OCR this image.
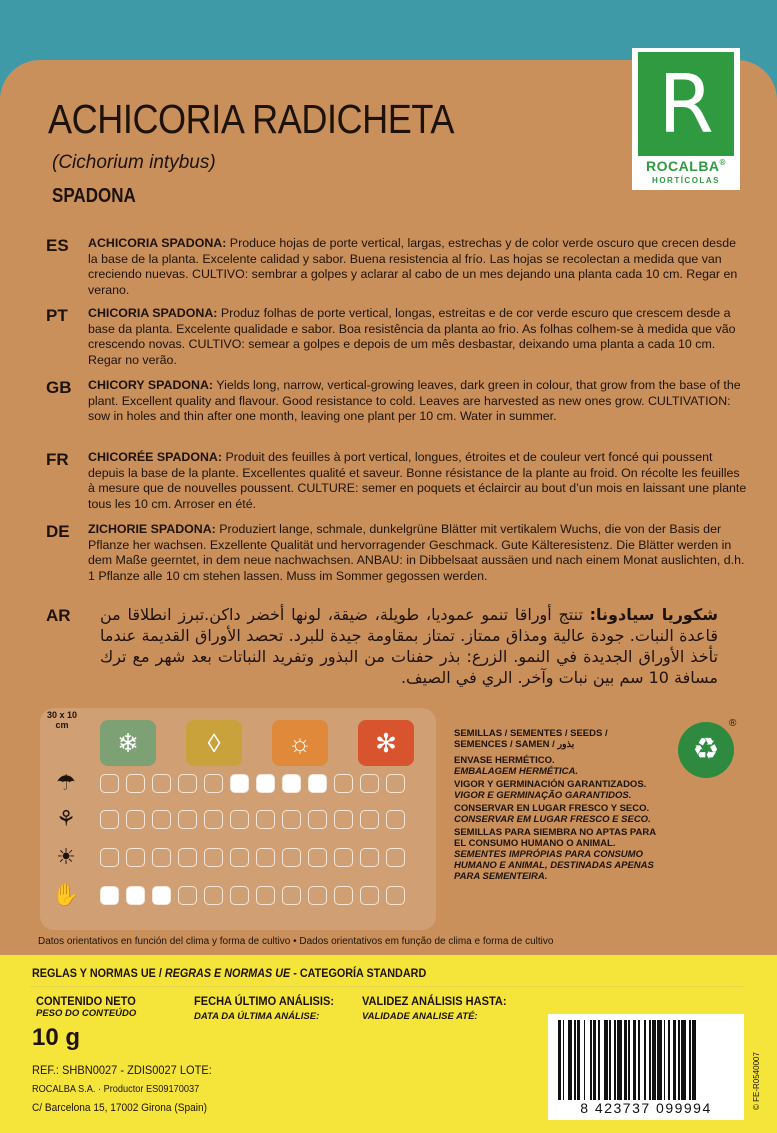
ACHICORIA RADICHETA
(Cichorium intybus)
SPADONA
R
ROCALBA®
HORTÍCOLAS
ES ACHICORIA SPADONA: Produce hojas de porte vertical, largas, estrechas y de color verde oscuro que crecen desde la base de la planta. Excelente calidad y sabor. Buena resistencia al frío. Las hojas se recolectan a medida que van creciendo nuevas. CULTIVO: sembrar a golpes y aclarar al cabo de un mes dejando una planta cada 10 cm. Regar en verano.
PT CHICORIA SPADONA: Produz folhas de porte vertical, longas, estreitas e de cor verde escuro que crescem desde a base da planta. Excelente qualidade e sabor. Boa resistência da planta ao frio. As folhas colhem-se à medida que vão crescendo novas. CULTIVO: semear a golpes e depois de um mês desbastar, deixando uma planta a cada 10 cm. Regar no verão.
GB CHICORY SPADONA: Yields long, narrow, vertical-growing leaves, dark green in colour, that grow from the base of the plant. Excellent quality and flavour. Good resistance to cold. Leaves are harvested as new ones grow. CULTIVATION: sow in holes and thin after one month, leaving one plant per 10 cm. Water in summer.
FR CHICORÉE SPADONA: Produit des feuilles à port vertical, longues, étroites et de couleur vert foncé qui poussent depuis la base de la plante. Excellentes qualité et saveur. Bonne résistance de la plante au froid. On récolte les feuilles à mesure que de nouvelles poussent. CULTURE: semer en poquets et éclaircir au bout d’un mois en laissant une plante tous les 10 cm. Arroser en été.
DE ZICHORIE SPADONA: Produziert lange, schmale, dunkelgrüne Blätter mit vertikalem Wuchs, die von der Basis der Pflanze her wachsen. Exzellente Qualität und hervorragender Geschmack. Gute Kälteresistenz. Die Blätter werden in dem Maße geerntet, in dem neue nachwachsen. ANBAU: in Dibbelsaat aussäen und nach einem Monat auslichten, d.h. 1 Pflanze alle 10 cm stehen lassen. Muss im Sommer gegossen werden.
AR	شكوريا سيادونا: تنتج أوراقا تنمو عموديا، طويلة، ضيقة، لونها أخضر داكن.تبرز انطلاقا من قاعدة النبات. جودة عالية ومذاق ممتاز. تمتاز بمقاومة جيدة للبرد. تحصد الأوراق القديمة عندما تأخذ الأوراق الجديدة في النمو. الزرع: بذر حفنات من البذور وتفريد النباتات بعد شهر مع ترك مسافة 10 سم بين نبات وآخر. الري في الصيف.
30 x 10 cm
❄	◊	☼	✻
☂
⚘
☀
✋
SEMILLAS / SEMENTES / SEEDS /
SEMENCES / SAMEN / بذور
ENVASE HERMÉTICO.
EMBALAGEM HERMÉTICA.
VIGOR Y GERMINACIÓN GARANTIZADOS.
VIGOR E GERMINAÇÃO GARANTIDOS.
CONSERVAR EN LUGAR FRESCO Y SECO.
CONSERVAR EM LUGAR FRESCO E SECO.
SEMILLAS PARA SIEMBRA NO APTAS PARA EL CONSUMO HUMANO O ANIMAL.
SEMENTES IMPRÓPIAS PARA CONSUMO HUMANO E ANIMAL, DESTINADAS APENAS PARA SEMENTEIRA.
♻
®
Datos orientativos en función del clima y forma de cultivo • Dados orientativos em função de clima e forma de cultivo
REGLAS Y NORMAS UE / REGRAS E NORMAS UE - CATEGORÍA STANDARD
CONTENIDO NETO
PESO DO CONTEÚDO
10 g
FECHA ÚLTIMO ANÁLISIS:
DATA DA ÚLTIMA ANÁLISE:
VALIDEZ ANÁLISIS HASTA:
VALIDADE ANALISE ATÉ:
REF.: SHBN0027 - ZDIS0027 LOTE:
ROCALBA S.A. · Productor ES09170037
C/ Barcelona 15, 17002 Girona (Spain)	8 423737 099994	© FE-R0540007
